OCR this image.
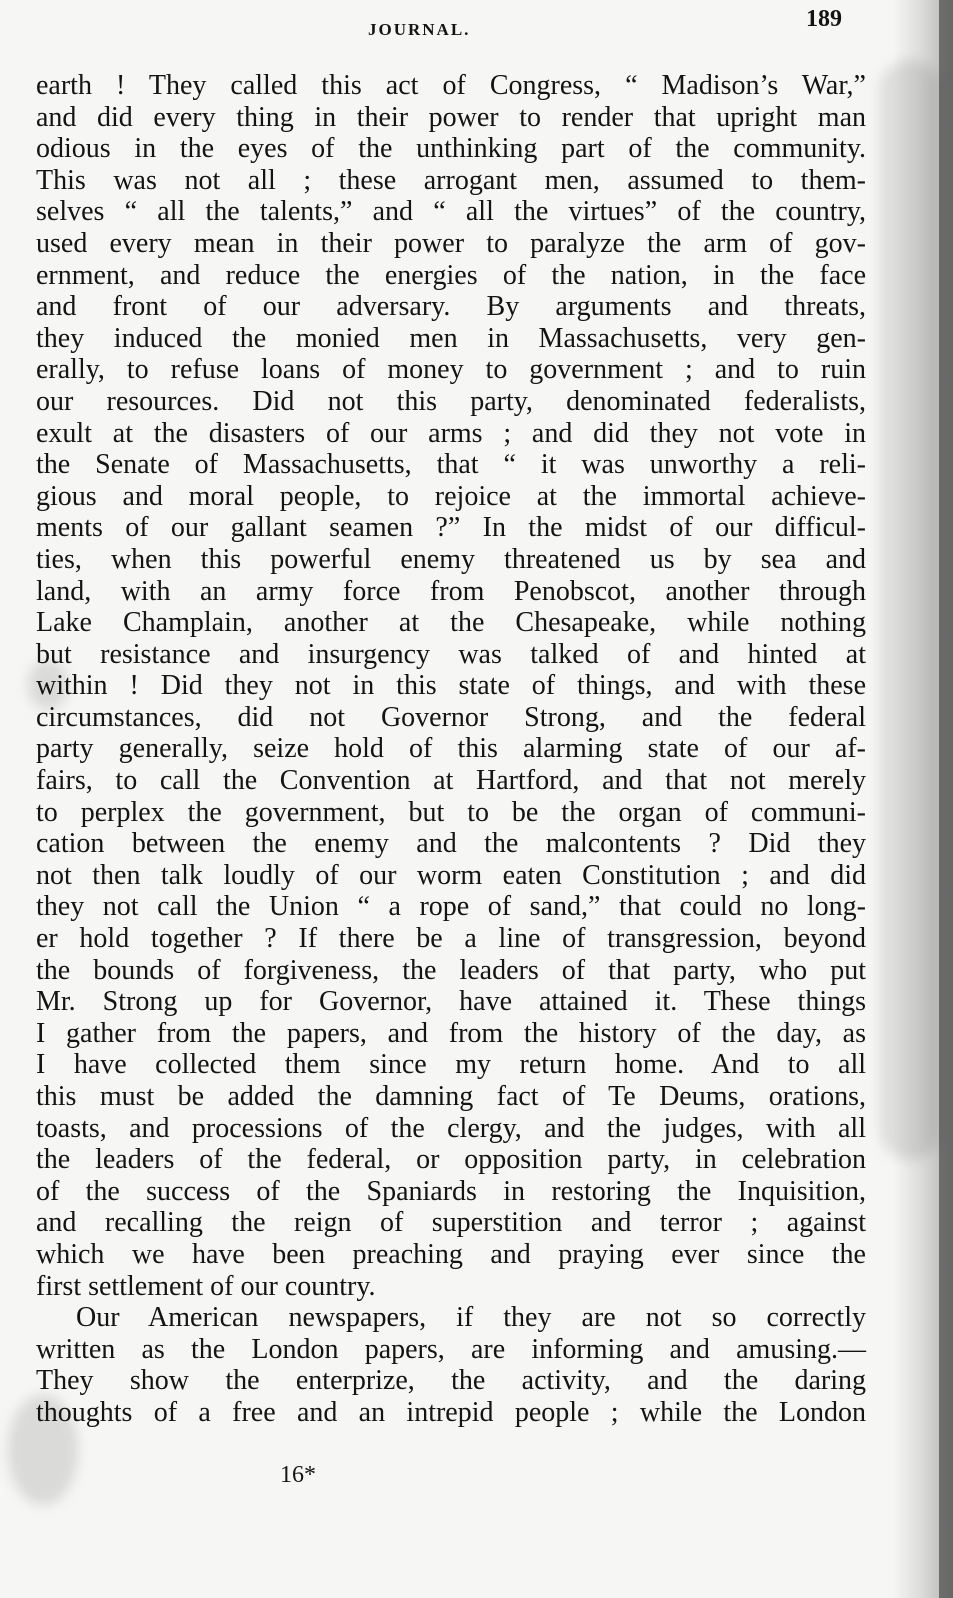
JOURNAL.	189
earth ! They called this act of Congress, “ Madison’s War,”
and did every thing in their power to render that upright man
odious in the eyes of the unthinking part of the community.
This was not all ; these arrogant men, assumed to them-
selves “ all the talents,” and “ all the virtues” of the country,
used every mean in their power to paralyze the arm of gov-
ernment, and reduce the energies of the nation, in the face
and front of our adversary. By arguments and threats,
they induced the monied men in Massachusetts, very gen-
erally, to refuse loans of money to government ; and to ruin
our resources. Did not this party, denominated federalists,
exult at the disasters of our arms ; and did they not vote in
the Senate of Massachusetts, that “ it was unworthy a reli-
gious and moral people, to rejoice at the immortal achieve-
ments of our gallant seamen ?” In the midst of our difficul-
ties, when this powerful enemy threatened us by sea and
land, with an army force from Penobscot, another through
Lake Champlain, another at the Chesapeake, while nothing
but resistance and insurgency was talked of and hinted at
within ! Did they not in this state of things, and with these
circumstances, did not Governor Strong, and the federal
party generally, seize hold of this alarming state of our af-
fairs, to call the Convention at Hartford, and that not merely
to perplex the government, but to be the organ of communi-
cation between the enemy and the malcontents ? Did they
not then talk loudly of our worm eaten Constitution ; and did
they not call the Union “ a rope of sand,” that could no long-
er hold together ? If there be a line of transgression, beyond
the bounds of forgiveness, the leaders of that party, who put
Mr. Strong up for Governor, have attained it. These things
I gather from the papers, and from the history of the day, as
I have collected them since my return home. And to all
this must be added the damning fact of Te Deums, orations,
toasts, and processions of the clergy, and the judges, with all
the leaders of the federal, or opposition party, in celebration
of the success of the Spaniards in restoring the Inquisition,
and recalling the reign of superstition and terror ; against
which we have been preaching and praying ever since the
first settlement of our country.
Our American newspapers, if they are not so correctly
written as the London papers, are informing and amusing.—
They show the enterprize, the activity, and the daring
thoughts of a free and an intrepid people ; while the London
16*
